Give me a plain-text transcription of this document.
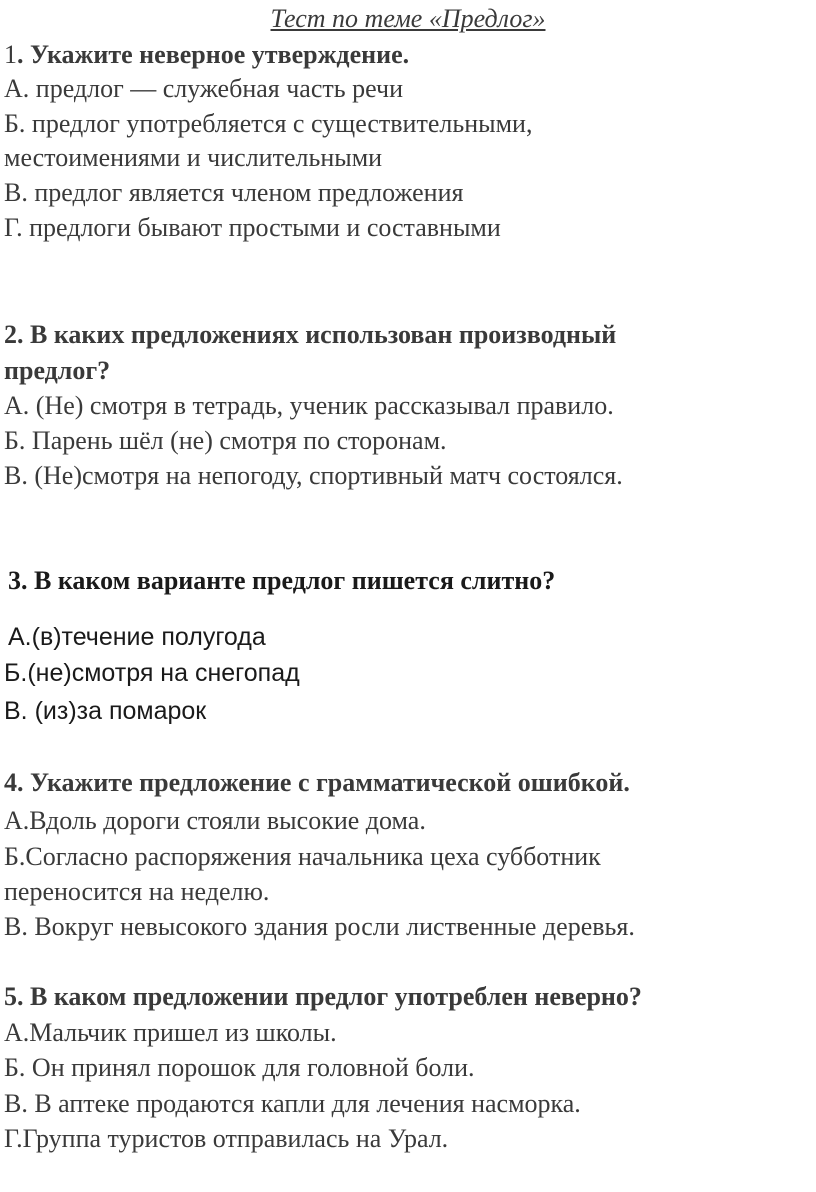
Тест по теме «Предлог»
1. Укажите неверное утверждение.
А. предлог — служебная часть речи
Б. предлог употребляется с существительными,
местоимениями и числительными
В. предлог является членом предложения
Г. предлоги бывают простыми и составными
2. В каких предложениях использован производный
предлог?
А. (Не) смотря в тетрадь, ученик рассказывал правило.
Б. Парень шёл (не) смотря по сторонам.
В. (Не)смотря на непогоду, спортивный матч состоялся.
3. В каком варианте предлог пишется слитно?
А.(в)течение полугода
Б.(не)смотря на снегопад
В. (из)за помарок
4. Укажите предложение с грамматической ошибкой.
А.Вдоль дороги стояли высокие дома.
Б.Согласно распоряжения начальника цеха субботник
переносится на неделю.
В. Вокруг невысокого здания росли лиственные деревья.
5. В каком предложении предлог употреблен неверно?
А.Мальчик пришел из школы.
Б. Он принял порошок для головной боли.
В. В аптеке продаются капли для лечения насморка.
Г.Группа туристов отправилась на Урал.
